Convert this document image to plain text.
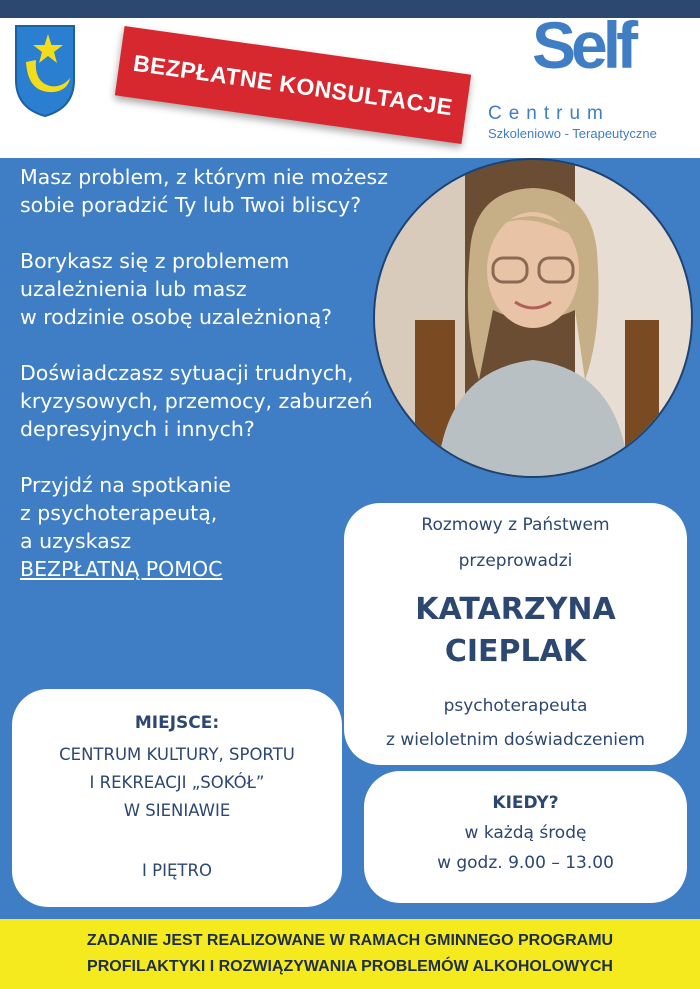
BEZPŁATNE KONSULTACJE
Self
Centrum
Szkoleniowo - Terapeutyczne

Masz problem, z którym nie możesz
sobie poradzić Ty lub Twoi bliscy?

Borykasz się z problemem
uzależnienia lub masz
w rodzinie osobę uzależnioną?

Doświadczasz sytuacji trudnych,
kryzysowych, przemocy, zaburzeń
depresyjnych i innych?

Przyjdź na spotkanie
z psychoterapeutą,
a uzyskasz
BEZPŁATNĄ POMOC

Rozmowy z Państwem
przeprowadzi
KATARZYNA
CIEPLAK
psychoterapeuta
z wieloletnim doświadczeniem
MIEJSCE:
CENTRUM KULTURY, SPORTU
I REKREACJI „SOKÓŁ”
W SIENIAWIE
I PIĘTRO
KIEDY?
w każdą środę
w godz. 9.00 – 13.00
ZADANIE JEST REALIZOWANE W RAMACH GMINNEGO PROGRAMU
PROFILAKTYKI I ROZWIĄZYWANIA PROBLEMÓW ALKOHOLOWYCH
